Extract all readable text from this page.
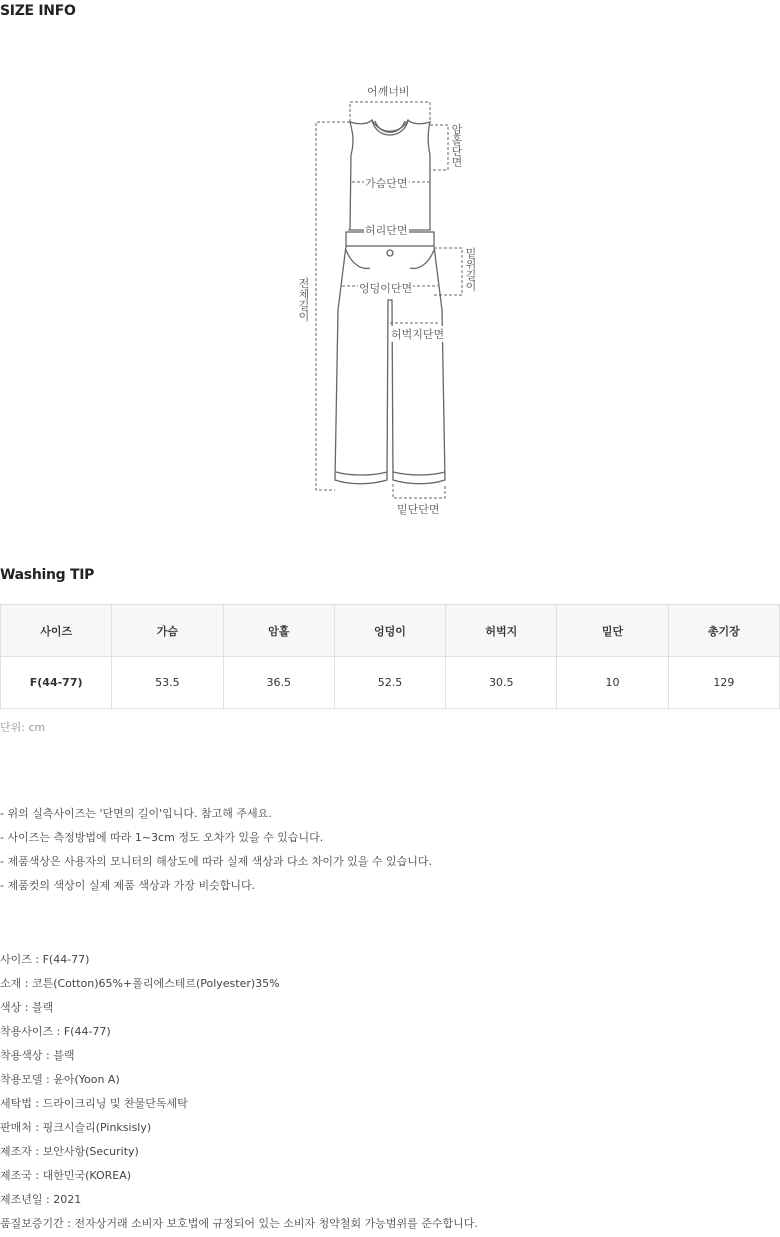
SIZE INFO
어깨너비
암홀단면
가슴단면
허리단면
엉덩이단면
밑위길이
허벅지단면
밑단단면
전체길이
Washing TIP
사이즈	가슴	암홀	엉덩이	허벅지	밑단	총기장
F(44-77)	53.5	36.5	52.5	30.5	10	129
단위: cm
- 위의 실측사이즈는 '단면의 길이'입니다. 참고해 주세요.
- 사이즈는 측정방법에 따라 1~3cm 정도 오차가 있을 수 있습니다.
- 제품색상은 사용자의 모니터의 해상도에 따라 실제 색상과 다소 차이가 있을 수 있습니다.
- 제품컷의 색상이 실제 제품 색상과 가장 비슷합니다.
사이즈 : F(44-77)
소재 : 코튼(Cotton)65%+폴리에스테르(Polyester)35%
색상 : 블랙
착용사이즈 : F(44-77)
착용색상 : 블랙
착용모델 : 윤아(Yoon A)
세탁법 : 드라이크리닝 및 찬물단독세탁
판매처 : 핑크시슬리(Pinksisly)
제조자 : 보안사항(Security)
제조국 : 대한민국(KOREA)
제조년일 : 2021
품질보증기간 : 전자상거래 소비자 보호법에 규정되어 있는 소비자 청약철회 가능범위를 준수합니다.
